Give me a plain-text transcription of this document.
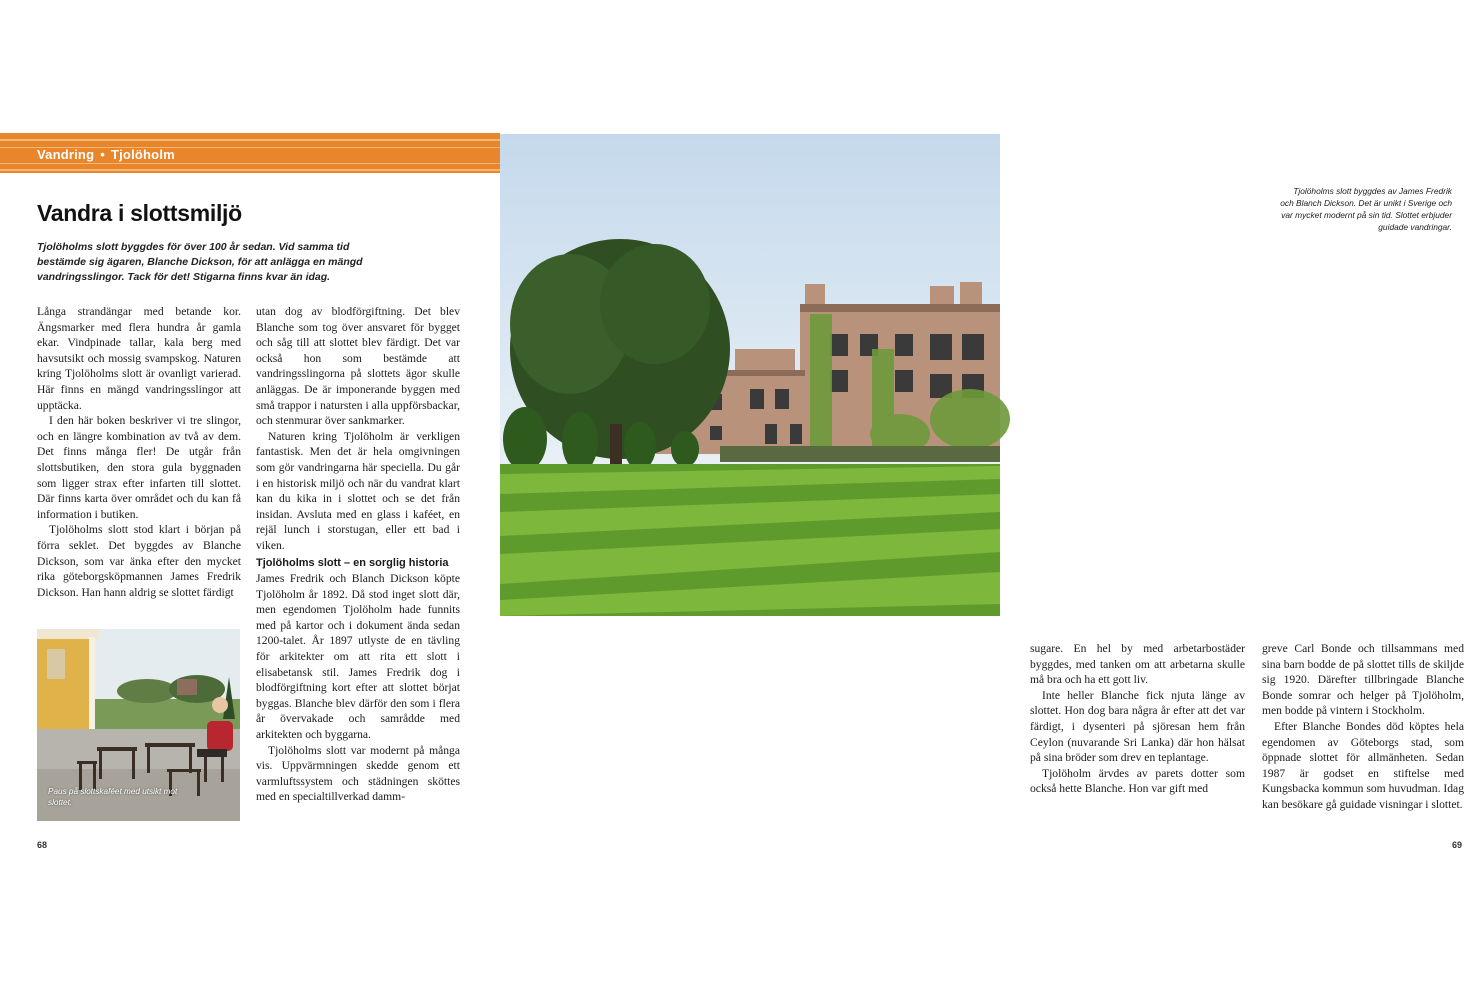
Vandring • Tjolöholm
Vandra i slottsmiljö

Tjolöholms slott byggdes för över 100 år sedan. Vid samma tid bestämde sig ägaren, Blanche Dickson, för att anlägga en mängd vandringsslingor. Tack för det! Stigarna finns kvar än idag.

Långa strandängar med betande kor. Ängsmarker med flera hundra år gamla ekar. Vindpinade tallar, kala berg med havsutsikt och mossig svampskog. Naturen kring Tjolöholms slott är ovanligt varierad. Här finns en mängd vandringsslingor att upptäcka.

I den här boken beskriver vi tre slingor, och en längre kombination av två av dem. Det finns många fler! De utgår från slottsbutiken, den stora gula byggnaden som ligger strax efter infarten till slottet. Där finns karta över området och du kan få information i butiken.

Tjolöholms slott stod klart i början på förra seklet. Det byggdes av Blanche Dickson, som var änka efter den mycket rika göteborgsköpmannen James Fredrik Dickson. Han hann aldrig se slottet färdigt

utan dog av blodförgiftning. Det blev Blanche som tog över ansvaret för bygget och såg till att slottet blev färdigt. Det var också hon som bestämde att vandringsslingorna på slottets ägor skulle anläggas. De är imponerande byggen med små trappor i natursten i alla uppförsbackar, och stenmurar över sankmarker.

Naturen kring Tjolöholm är verkligen fantastisk. Men det är hela omgivningen som gör vandringarna här speciella. Du går i en historisk miljö och när du vandrat klart kan du kika in i slottet och se det från insidan. Avsluta med en glass i kaféet, en rejäl lunch i storstugan, eller ett bad i viken.

Tjolöholms slott – en sorglig historia

James Fredrik och Blanch Dickson köpte Tjolöholm år 1892. Då stod inget slott där, men egendomen Tjolöholm hade funnits med på kartor och i dokument ända sedan 1200-talet. År 1897 utlyste de en tävling för arkitekter om att rita ett slott i elisabetansk stil. James Fredrik dog i blodförgiftning kort efter att slottet börjat byggas. Blanche blev därför den som i flera år övervakade och samrådde med arkitekten och byggarna.

Tjolöholms slott var modernt på många vis. Uppvärmningen skedde genom ett varmluftssystem och städningen sköttes med en specialtillverkad damm-

Paus på slottskaféet med utsikt mot slottet.
68
Tjolöholms slott byggdes av James Fredrik och Blanch Dickson. Det är unikt i Sverige och var mycket modernt på sin tid. Slottet erbjuder guidade vandringar.

sugare. En hel by med arbetarbostäder byggdes, med tanken om att arbetarna skulle må bra och ha ett gott liv.

Inte heller Blanche fick njuta länge av slottet. Hon dog bara några år efter att det var färdigt, i dysenteri på sjöresan hem från Ceylon (nuvarande Sri Lanka) där hon hälsat på sina bröder som drev en teplantage.

Tjolöholm ärvdes av parets dotter som också hette Blanche. Hon var gift med

greve Carl Bonde och tillsammans med sina barn bodde de på slottet tills de skiljde sig 1920. Därefter tillbringade Blanche Bonde somrar och helger på Tjolöholm, men bodde på vintern i Stockholm.

Efter Blanche Bondes död köptes hela egendomen av Göteborgs stad, som öppnade slottet för allmänheten. Sedan 1987 är godset en stiftelse med Kungsbacka kommun som huvudman. Idag kan besökare gå guidade visningar i slottet.

69
